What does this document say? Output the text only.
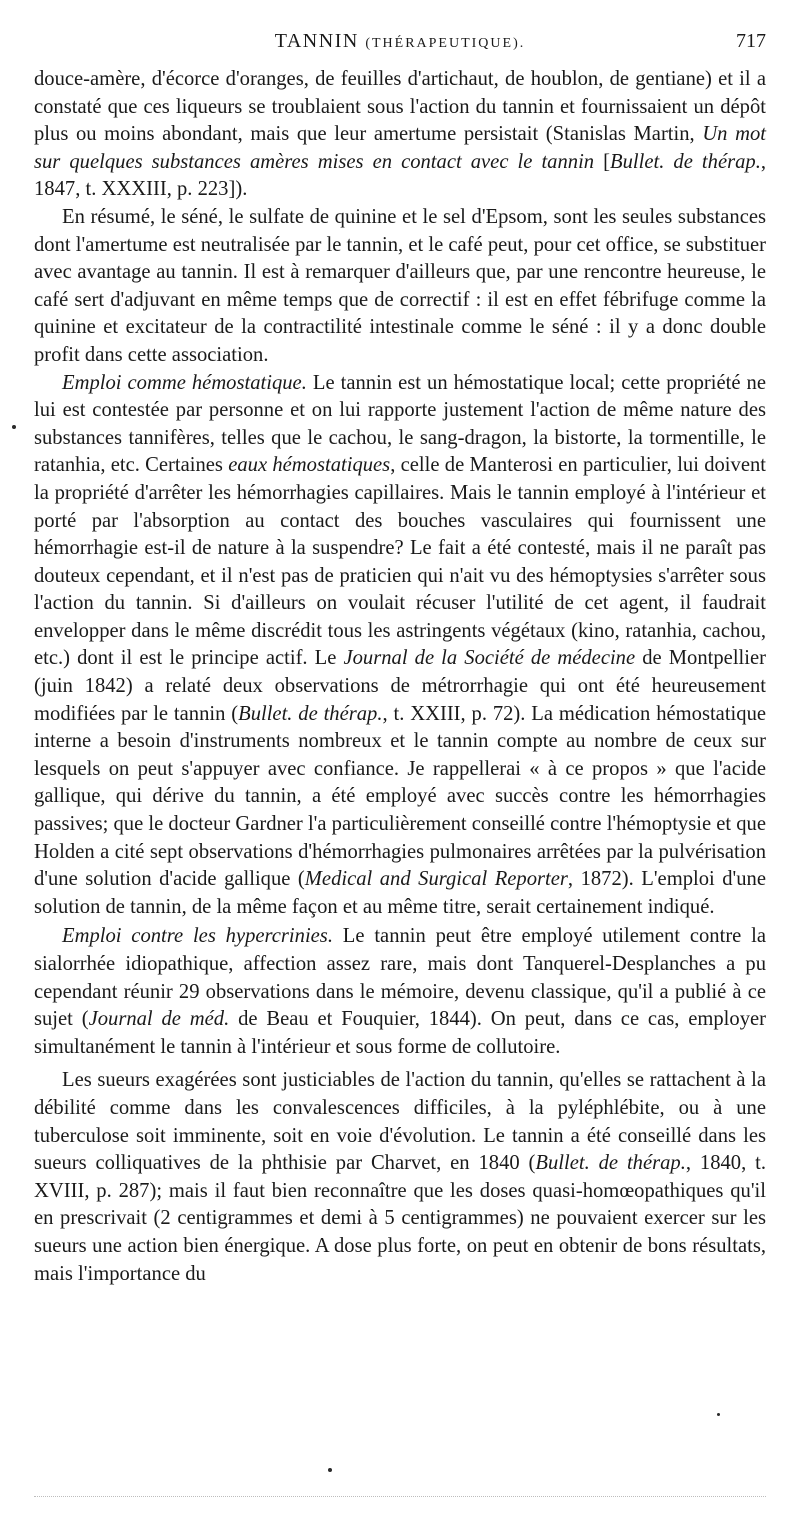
TANNIN (THÉRAPEUTIQUE).	717

douce-amère, d'écorce d'oranges, de feuilles d'artichaut, de houblon, de gentiane) et il a constaté que ces liqueurs se troublaient sous l'action du tannin et fournissaient un dépôt plus ou moins abondant, mais que leur amertume persistait (Stanislas Martin, Un mot sur quelques substances amères mises en contact avec le tannin [Bullet. de thérap., 1847, t. XXXIII, p. 223]).

En résumé, le séné, le sulfate de quinine et le sel d'Epsom, sont les seules substances dont l'amertume est neutralisée par le tannin, et le café peut, pour cet office, se substituer avec avantage au tannin. Il est à remarquer d'ailleurs que, par une rencontre heureuse, le café sert d'adjuvant en même temps que de correctif : il est en effet fébrifuge comme la quinine et excitateur de la contractilité intestinale comme le séné : il y a donc double profit dans cette association.

Emploi comme hémostatique. Le tannin est un hémostatique local; cette propriété ne lui est contestée par personne et on lui rapporte justement l'action de même nature des substances tannifères, telles que le cachou, le sang-dragon, la bistorte, la tormentille, le ratanhia, etc. Certaines eaux hémostatiques, celle de Manterosi en particulier, lui doivent la propriété d'arrêter les hémorrhagies capillaires. Mais le tannin employé à l'intérieur et porté par l'absorption au contact des bouches vasculaires qui fournissent une hémorrhagie est-il de nature à la suspendre? Le fait a été contesté, mais il ne paraît pas douteux cependant, et il n'est pas de praticien qui n'ait vu des hémoptysies s'arrêter sous l'action du tannin. Si d'ailleurs on voulait récuser l'utilité de cet agent, il faudrait envelopper dans le même discrédit tous les astringents végétaux (kino, ratanhia, cachou, etc.) dont il est le principe actif. Le Journal de la Société de médecine de Montpellier (juin 1842) a relaté deux observations de métrorrhagie qui ont été heureusement modifiées par le tannin (Bullet. de thérap., t. XXIII, p. 72). La médication hémostatique interne a besoin d'instruments nombreux et le tannin compte au nombre de ceux sur lesquels on peut s'appuyer avec confiance. Je rappellerai « à ce propos » que l'acide gallique, qui dérive du tannin, a été employé avec succès contre les hémorrhagies passives; que le docteur Gardner l'a particulièrement conseillé contre l'hémoptysie et que Holden a cité sept observations d'hémorrhagies pulmonaires arrêtées par la pulvérisation d'une solution d'acide gallique (Medical and Surgical Reporter, 1872). L'emploi d'une solution de tannin, de la même façon et au même titre, serait certainement indiqué.

Emploi contre les hypercrinies. Le tannin peut être employé utilement contre la sialorrhée idiopathique, affection assez rare, mais dont Tanquerel-Desplanches a pu cependant réunir 29 observations dans le mémoire, devenu classique, qu'il a publié à ce sujet (Journal de méd. de Beau et Fouquier, 1844). On peut, dans ce cas, employer simultanément le tannin à l'intérieur et sous forme de collutoire.

Les sueurs exagérées sont justiciables de l'action du tannin, qu'elles se rattachent à la débilité comme dans les convalescences difficiles, à la pyléphlébite, ou à une tuberculose soit imminente, soit en voie d'évolution. Le tannin a été conseillé dans les sueurs colliquatives de la phthisie par Charvet, en 1840 (Bullet. de thérap., 1840, t. XVIII, p. 287); mais il faut bien reconnaître que les doses quasi-homœopathiques qu'il en prescrivait (2 centigrammes et demi à 5 centigrammes) ne pouvaient exercer sur les sueurs une action bien énergique. A dose plus forte, on peut en obtenir de bons résultats, mais l'importance du
